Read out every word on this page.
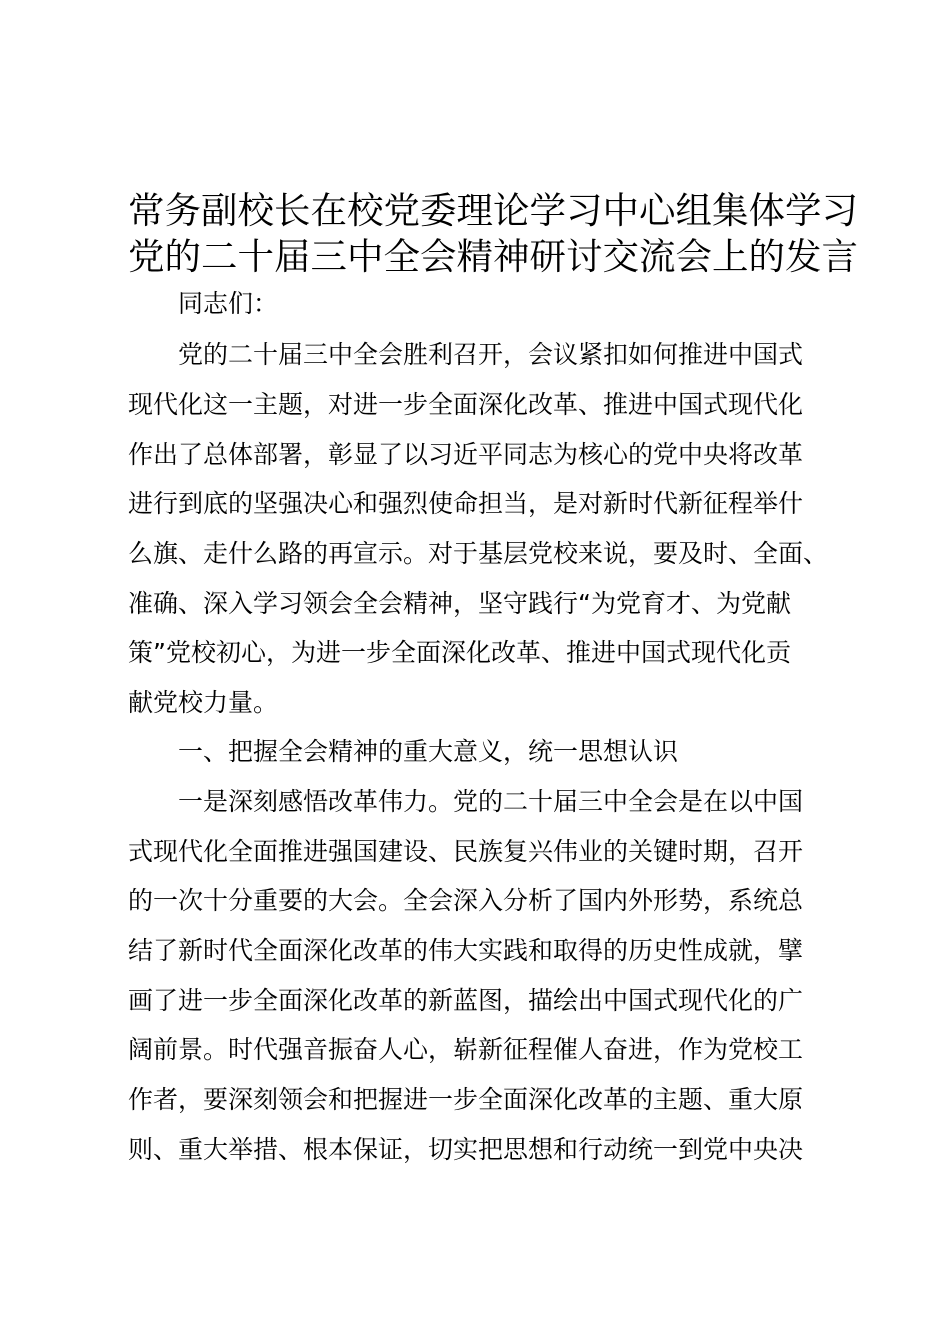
常务副校长在校党委理论学习中心组集体学习
党的二十届三中全会精神研讨交流会上的发言
同志们：
党的二十届三中全会胜利召开，会议紧扣如何推进中国式
现代化这一主题，对进一步全面深化改革、推进中国式现代化
作出了总体部署，彰显了以习近平同志为核心的党中央将改革
进行到底的坚强决心和强烈使命担当，是对新时代新征程举什
么旗、走什么路的再宣示。对于基层党校来说，要及时、全面、
准确、深入学习领会全会精神，坚守践行“为党育才、为党献
策”党校初心，为进一步全面深化改革、推进中国式现代化贡
献党校力量。
一、把握全会精神的重大意义，统一思想认识
一是深刻感悟改革伟力。党的二十届三中全会是在以中国
式现代化全面推进强国建设、民族复兴伟业的关键时期，召开
的一次十分重要的大会。全会深入分析了国内外形势，系统总
结了新时代全面深化改革的伟大实践和取得的历史性成就，擘
画了进一步全面深化改革的新蓝图，描绘出中国式现代化的广
阔前景。时代强音振奋人心，崭新征程催人奋进，作为党校工
作者，要深刻领会和把握进一步全面深化改革的主题、重大原
则、重大举措、根本保证，切实把思想和行动统一到党中央决
